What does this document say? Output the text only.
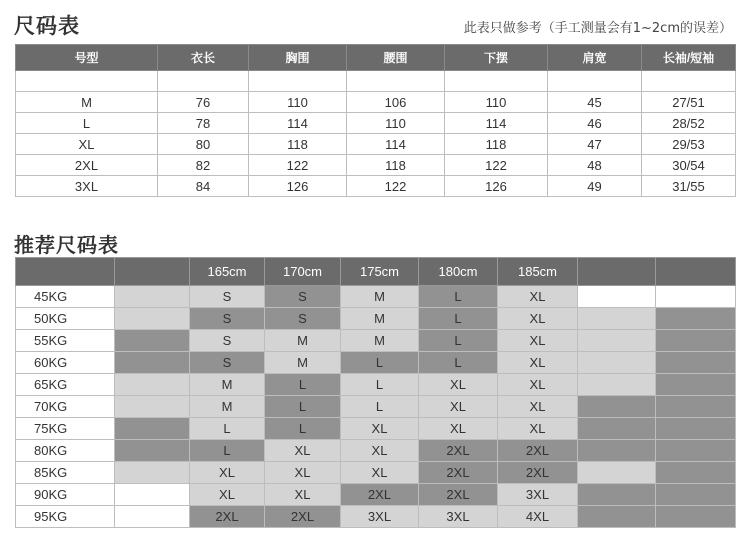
尺码表	此表只做参考（手工测量会有1~2cm的误差）
号型	衣长	胸围	腰围	下摆	肩宽	长袖/短袖

M	76	110	106	110	45	27/51
L	78	114	110	114	46	28/52
XL	80	118	114	118	47	29/53
2XL	82	122	118	122	48	30/54
3XL	84	126	122	126	49	31/55
推荐尺码表
		165cm	170cm	175cm	180cm	185cm		
45KG		S	S	M	L	XL		
50KG		S	S	M	L	XL		
55KG		S	M	M	L	XL		
60KG		S	M	L	L	XL		
65KG		M	L	L	XL	XL		
70KG		M	L	L	XL	XL		
75KG		L	L	XL	XL	XL		
80KG		L	XL	XL	2XL	2XL		
85KG		XL	XL	XL	2XL	2XL		
90KG		XL	XL	2XL	2XL	3XL		
95KG		2XL	2XL	3XL	3XL	4XL		
